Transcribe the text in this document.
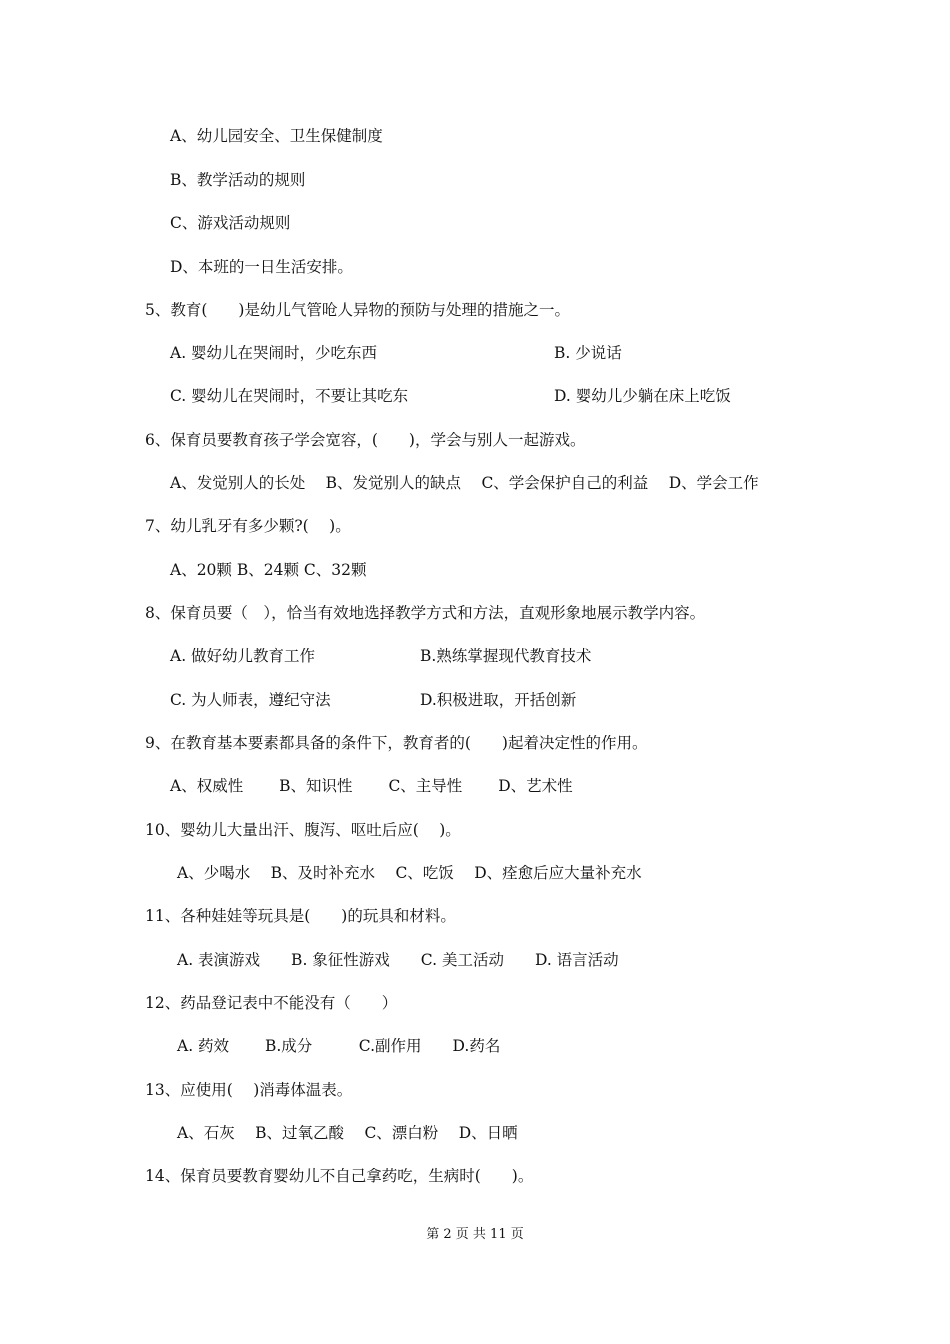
A、幼儿园安全、卫生保健制度
B、教学活动的规则
C、游戏活动规则
D、本班的一日生活安排。
5、教育(　　)是幼儿气管呛人异物的预防与处理的措施之一。
A. 婴幼儿在哭闹时，少吃东西	B. 少说话
C. 婴幼儿在哭闹时，不要让其吃东	D. 婴幼儿少躺在床上吃饭
6、保育员要教育孩子学会宽容，(　　)，学会与别人一起游戏。
A、发觉别人的长处　 B、发觉别人的缺点　 C、学会保护自己的利益　 D、学会工作
7、幼儿乳牙有多少颗?(　 )。
A、20颗 B、24颗 C、32颗
8、保育员要（　），恰当有效地选择教学方式和方法，直观形象地展示教学内容。
A. 做好幼儿教育工作	B.熟练掌握现代教育技术
C. 为人师表，遵纪守法	D.积极进取，开括创新
9、在教育基本要素都具备的条件下，教育者的(　　)起着决定性的作用。
A、权威性　　 B、知识性　　 C、主导性　　 D、艺术性
10、婴幼儿大量出汗、腹泻、呕吐后应(　 )。
A、少喝水　 B、及时补充水　 C、吃饭　 D、痊愈后应大量补充水
11、各种娃娃等玩具是(　　)的玩具和材料。
A. 表演游戏　　B. 象征性游戏　　C. 美工活动　　D. 语言活动
12、药品登记表中不能没有（　　）
A. 药效　　 B.成分　　　C.副作用　　D.药名
13、应使用(　 )消毒体温表。
A、石灰　 B、过氧乙酸　 C、漂白粉　 D、日晒
14、保育员要教育婴幼儿不自己拿药吃，生病时(　　)。
第 2 页 共 11 页
